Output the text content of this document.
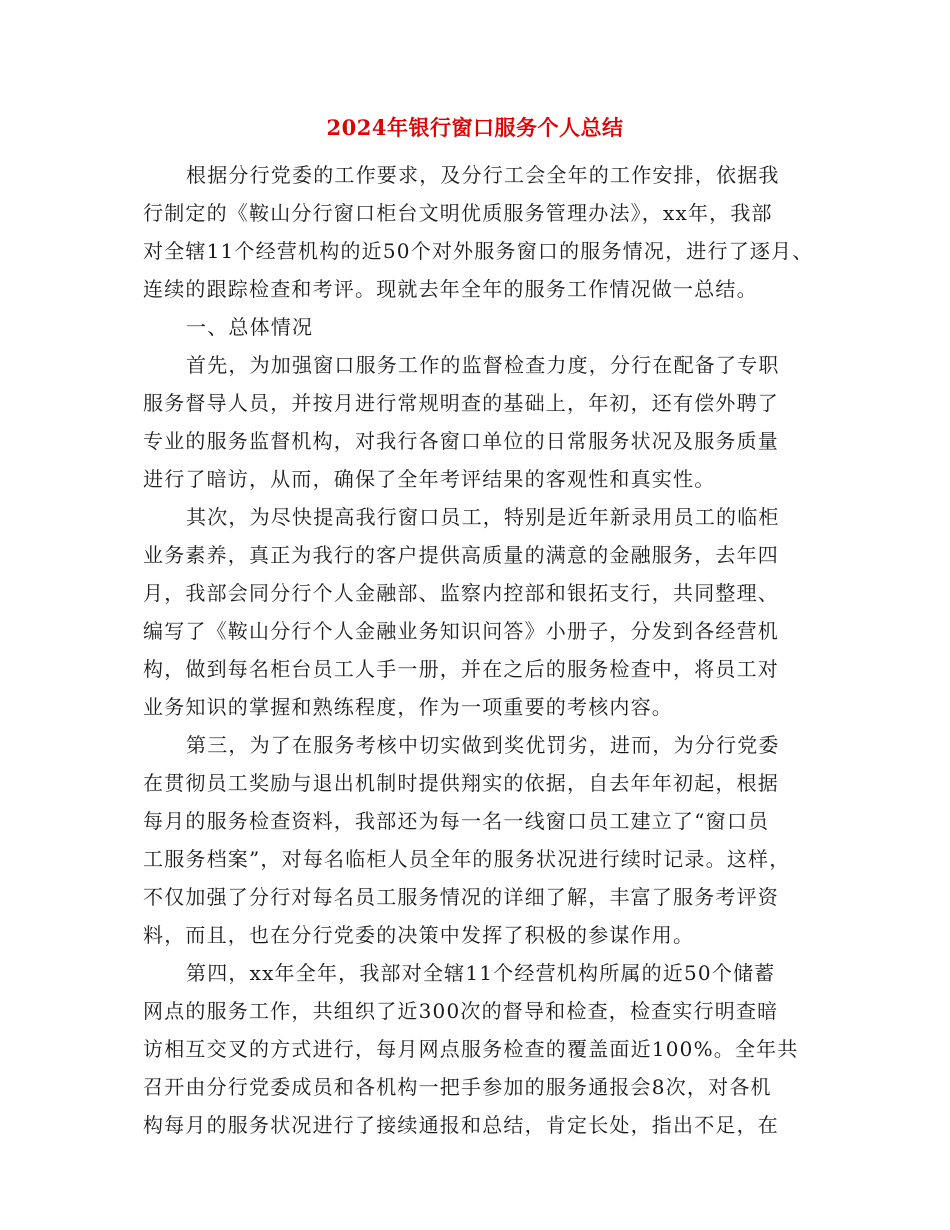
2024年银行窗口服务个人总结
根据分行党委的工作要求，及分行工会全年的工作安排，依据我
行制定的《鞍山分行窗口柜台文明优质服务管理办法》，xx年，我部
对全辖11个经营机构的近50个对外服务窗口的服务情况，进行了逐月、
连续的跟踪检查和考评。现就去年全年的服务工作情况做一总结。
一、总体情况
首先，为加强窗口服务工作的监督检查力度，分行在配备了专职
服务督导人员，并按月进行常规明查的基础上，年初，还有偿外聘了
专业的服务监督机构，对我行各窗口单位的日常服务状况及服务质量
进行了暗访，从而，确保了全年考评结果的客观性和真实性。
其次，为尽快提高我行窗口员工，特别是近年新录用员工的临柜
业务素养，真正为我行的客户提供高质量的满意的金融服务，去年四
月，我部会同分行个人金融部、监察内控部和银拓支行，共同整理、
编写了《鞍山分行个人金融业务知识问答》小册子，分发到各经营机
构，做到每名柜台员工人手一册，并在之后的服务检查中，将员工对
业务知识的掌握和熟练程度，作为一项重要的考核内容。
第三，为了在服务考核中切实做到奖优罚劣，进而，为分行党委
在贯彻员工奖励与退出机制时提供翔实的依据，自去年年初起，根据
每月的服务检查资料，我部还为每一名一线窗口员工建立了“窗口员
工服务档案”，对每名临柜人员全年的服务状况进行续时记录。这样，
不仅加强了分行对每名员工服务情况的详细了解，丰富了服务考评资
料，而且，也在分行党委的决策中发挥了积极的参谋作用。
第四，xx年全年，我部对全辖11个经营机构所属的近50个储蓄
网点的服务工作，共组织了近300次的督导和检查，检查实行明查暗
访相互交叉的方式进行，每月网点服务检查的覆盖面近100%。全年共
召开由分行党委成员和各机构一把手参加的服务通报会8次，对各机
构每月的服务状况进行了接续通报和总结，肯定长处，指出不足，在
